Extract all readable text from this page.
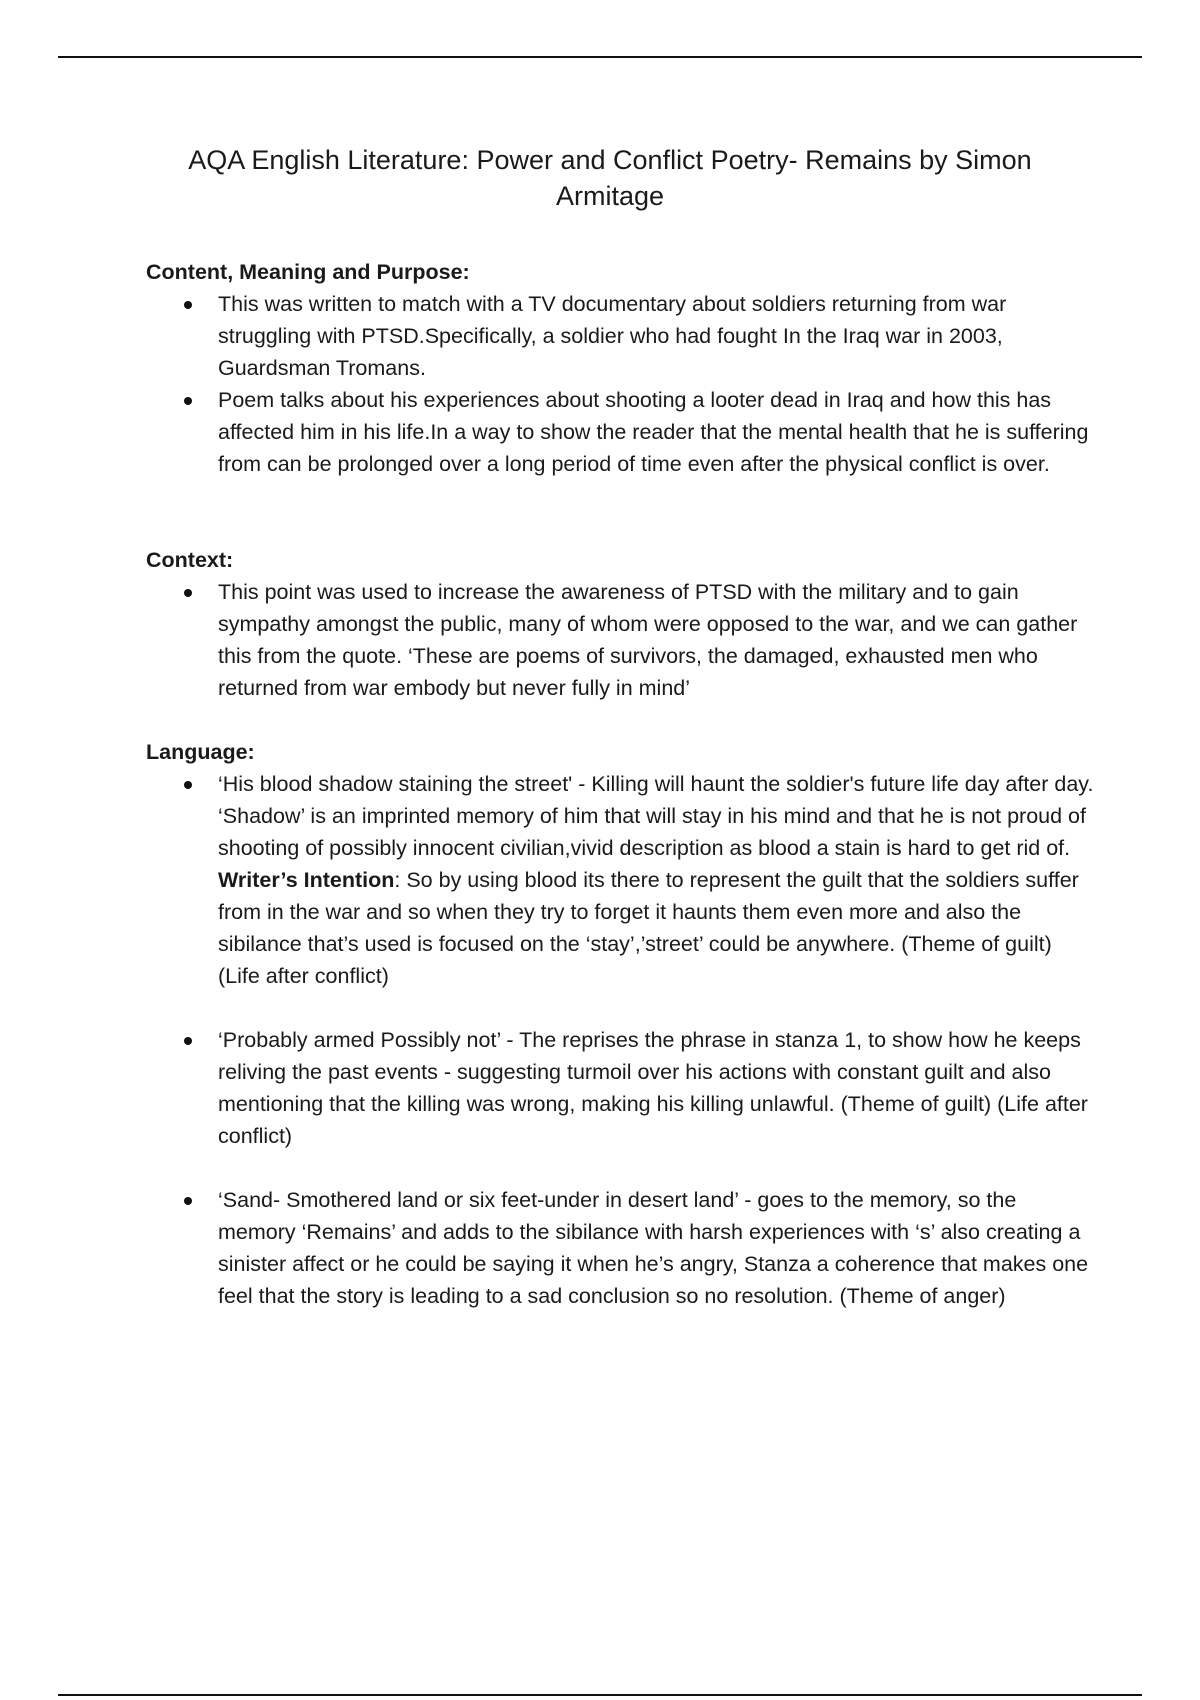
AQA English Literature: Power and Conflict Poetry- Remains by Simon Armitage

Content, Meaning and Purpose:

This was written to match with a TV documentary about soldiers returning from war struggling with PTSD.Specifically, a soldier who had fought In the Iraq war in 2003, Guardsman Tromans.
Poem talks about his experiences about shooting a looter dead in Iraq and how this has affected him in his life.In a way to show the reader that the mental health that he is suffering from can be prolonged over a long period of time even after the physical conflict is over.

Context:

This point was used to increase the awareness of PTSD with the military and to gain sympathy amongst the public, many of whom were opposed to the war, and we can gather this from the quote. ‘These are poems of survivors, the damaged, exhausted men who returned from war embody but never fully in mind’

Language:

‘His blood shadow staining the street' - Killing will haunt the soldier's future life day after day. ‘Shadow’ is an imprinted memory of him that will stay in his mind and that he is not proud of shooting of possibly innocent civilian,vivid description as blood a stain is hard to get rid of. Writer’s Intention: So by using blood its there to represent the guilt that the soldiers suffer from in the war and so when they try to forget it haunts them even more and also the sibilance that’s used is focused on the ‘stay’,’street’ could be anywhere. (Theme of guilt) (Life after conflict)
‘Probably armed Possibly not’ - The reprises the phrase in stanza 1, to show how he keeps reliving the past events - suggesting turmoil over his actions with constant guilt and also mentioning that the killing was wrong, making his killing unlawful. (Theme of guilt) (Life after conflict)
‘Sand- Smothered land or six feet-under in desert land’ - goes to the memory, so the memory ‘Remains’ and adds to the sibilance with harsh experiences with ‘s’ also creating a sinister affect or he could be saying it when he’s angry, Stanza a coherence that makes one feel that the story is leading to a sad conclusion so no resolution. (Theme of anger)
